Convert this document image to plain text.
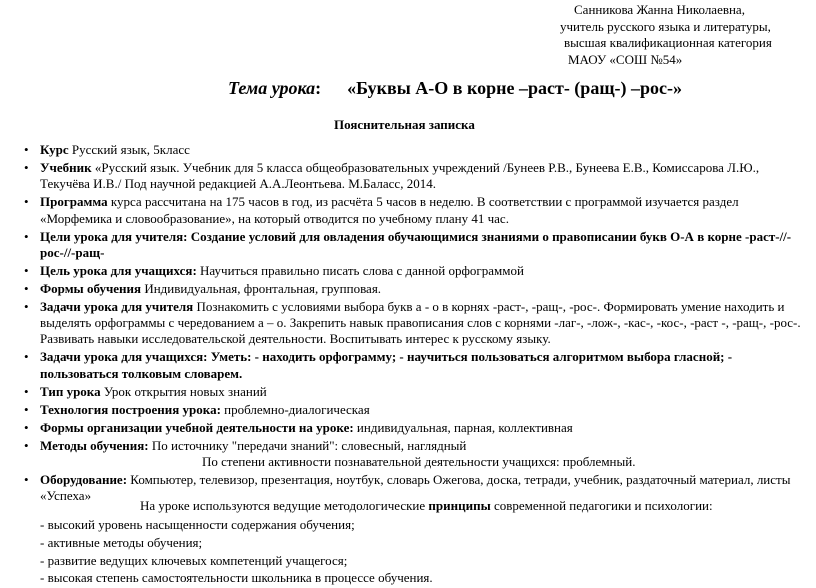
Санникова Жанна Николаевна,
учитель русского языка и литературы,
высшая квалификационная категория
МАОУ «СОШ №54»
Тема урока: «Буквы А-О в корне –раст- (ращ-) –рос-»
Пояснительная записка
• Курс Русский язык, 5класс
• Учебник «Русский язык. Учебник для 5 класса общеобразовательных учреждений /Бунеев Р.В., Бунеева Е.В., Комиссарова Л.Ю., Текучёва И.В./ Под научной редакцией А.А.Леонтьева. М.Баласс, 2014.
• Программа курса рассчитана на 175 часов в год, из расчёта 5 часов в неделю. В соответствии с программой изучается раздел «Морфемика и словообразование», на который отводится по учебному плану 41 час.
• Цели урока для учителя: Создание условий для овладения обучающимися знаниями о правописании букв О-А в корне -раст-//-рос-//-ращ-
• Цель урока для учащихся: Научиться правильно писать слова с данной орфограммой
• Формы обучения Индивидуальная, фронтальная, групповая.
• Задачи урока для учителя Познакомить с условиями выбора букв а - о в корнях -раст-, -ращ-, -рос-. Формировать умение находить и выделять орфограммы с чередованием а – о. Закрепить навык правописания слов с корнями -лаг-, -лож-, -кас-, -кос-, -раст -, -ращ-, -рос-. Развивать навыки исследовательской деятельности. Воспитывать интерес к русскому языку.
• Задачи урока для учащихся: Уметь: - находить орфограмму; - научиться пользоваться алгоритмом выбора гласной; - пользоваться толковым словарем.
• Тип урока Урок открытия новых знаний
• Технология построения урока: проблемно-диалогическая
• Формы организации учебной деятельности на уроке: индивидуальная, парная, коллективная
• Методы обучения: По источнику "передачи знаний": словесный, наглядный
По степени активности познавательной деятельности учащихся: проблемный.
• Оборудование: Компьютер, телевизор, презентация, ноутбук, словарь Ожегова, доска, тетради, учебник, раздаточный материал, листы «Успеха»
На уроке используются ведущие методологические принципы современной педагогики и психологии:
- высокий уровень насыщенности содержания обучения;
- активные методы обучения;
- развитие ведущих ключевых компетенций учащегося;
- высокая степень самостоятельности школьника в процессе обучения.
